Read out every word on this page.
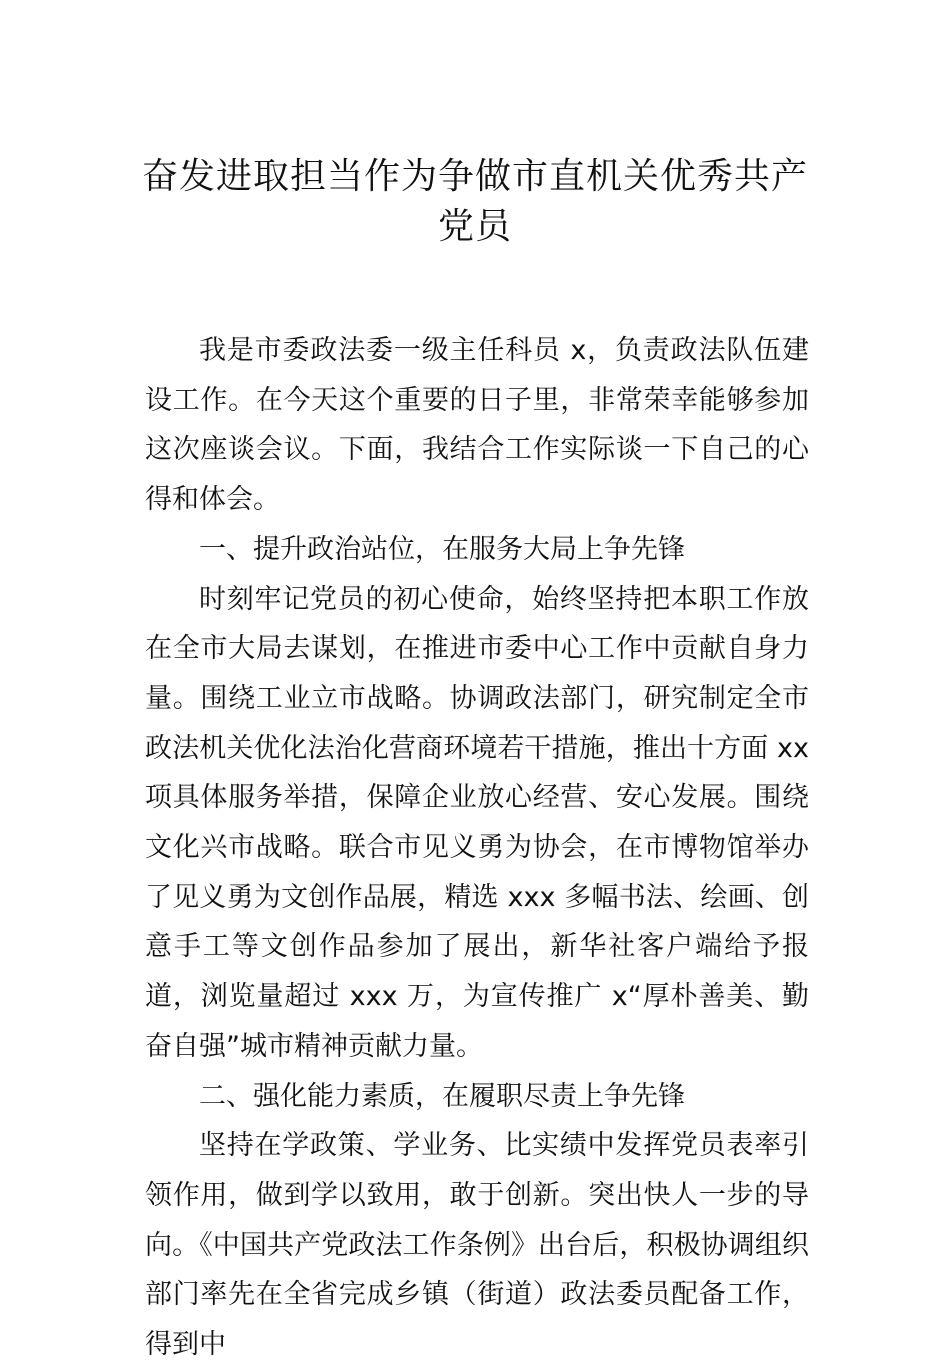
奋发进取担当作为争做市直机关优秀共产党员

我是市委政法委一级主任科员 x，负责政法队伍建设工作。在今天这个重要的日子里，非常荣幸能够参加这次座谈会议。下面，我结合工作实际谈一下自己的心得和体会。

一、提升政治站位，在服务大局上争先锋

时刻牢记党员的初心使命，始终坚持把本职工作放在全市大局去谋划，在推进市委中心工作中贡献自身力量。围绕工业立市战略。协调政法部门，研究制定全市政法机关优化法治化营商环境若干措施，推出十方面 xx 项具体服务举措，保障企业放心经营、安心发展。围绕文化兴市战略。联合市见义勇为协会，在市博物馆举办了见义勇为文创作品展，精选 xxx 多幅书法、绘画、创意手工等文创作品参加了展出，新华社客户端给予报道，浏览量超过 xxx 万，为宣传推广 x“厚朴善美、勤奋自强”城市精神贡献力量。

二、强化能力素质，在履职尽责上争先锋

坚持在学政策、学业务、比实绩中发挥党员表率引领作用，做到学以致用，敢于创新。突出快人一步的导向。《中国共产党政法工作条例》出台后，积极协调组织部门率先在全省完成乡镇（街道）政法委员配备工作，得到中
